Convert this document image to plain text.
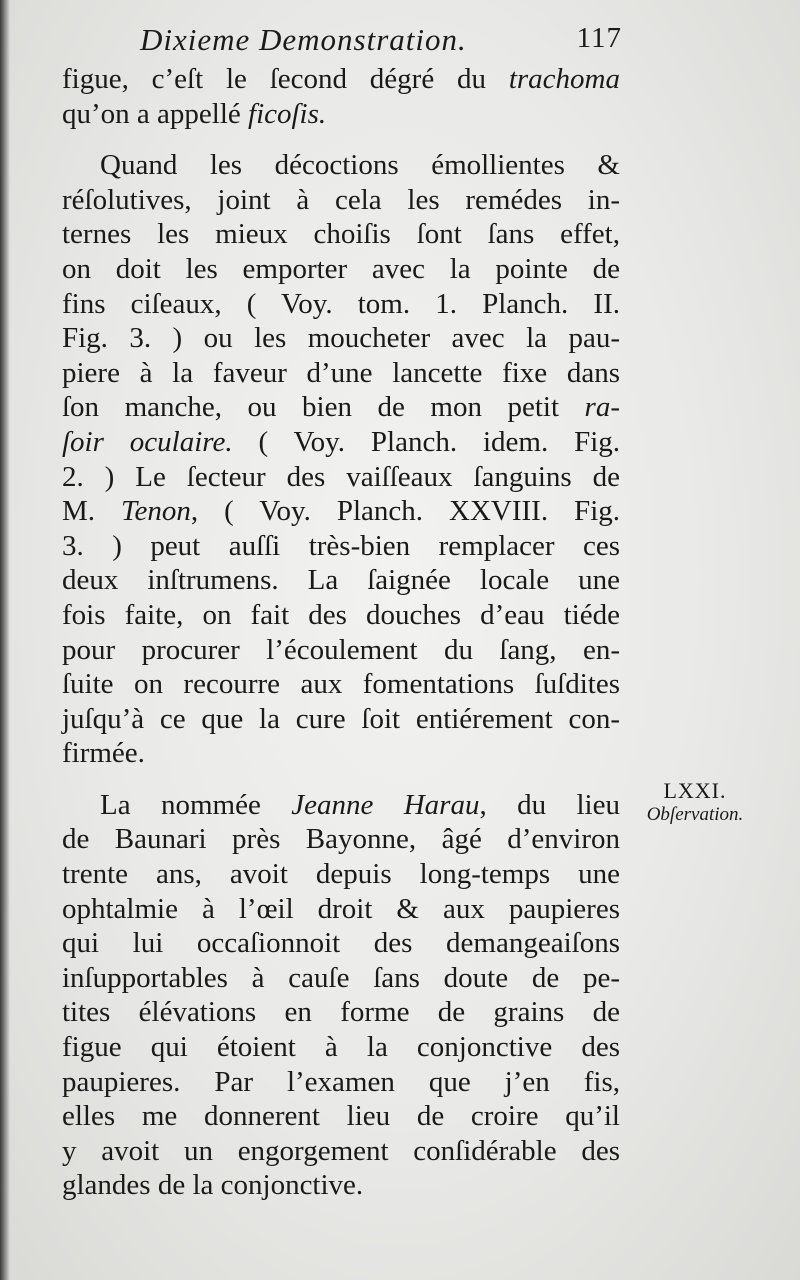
Dixieme Demonstration.	117
figue, c’eſt le ſecond dégré du trachoma
qu’on a appellé ficoſis.
Quand les décoctions émollientes &
réſolutives, joint à cela les remédes in-
ternes les mieux choiſis ſont ſans effet,
on doit les emporter avec la pointe de
fins ciſeaux, ( Voy. tom. 1. Planch. II.
Fig. 3. ) ou les moucheter avec la pau-
piere à la faveur d’une lancette fixe dans
ſon manche, ou bien de mon petit ra-
ſoir oculaire. ( Voy. Planch. idem. Fig.
2. ) Le ſecteur des vaiſſeaux ſanguins de
M. Tenon, ( Voy. Planch. XXVIII. Fig.
3. ) peut auſſi très-bien remplacer ces
deux inſtrumens. La ſaignée locale une
fois faite, on fait des douches d’eau tiéde
pour procurer l’écoulement du ſang, en-
ſuite on recourre aux fomentations ſuſdites
juſqu’à ce que la cure ſoit entiérement con-
firmée.
La nommée Jeanne Harau, du lieu
de Baunari près Bayonne, âgé d’environ
trente ans, avoit depuis long-temps une
ophtalmie à l’œil droit & aux paupieres
qui lui occaſionnoit des demangeaiſons
inſupportables à cauſe ſans doute de pe-
tites élévations en forme de grains de
figue qui étoient à la conjonctive des
paupieres. Par l’examen que j’en fis,
elles me donnerent lieu de croire qu’il
y avoit un engorgement conſidérable des
glandes de la conjonctive.
LXXI.
Obſervation.
